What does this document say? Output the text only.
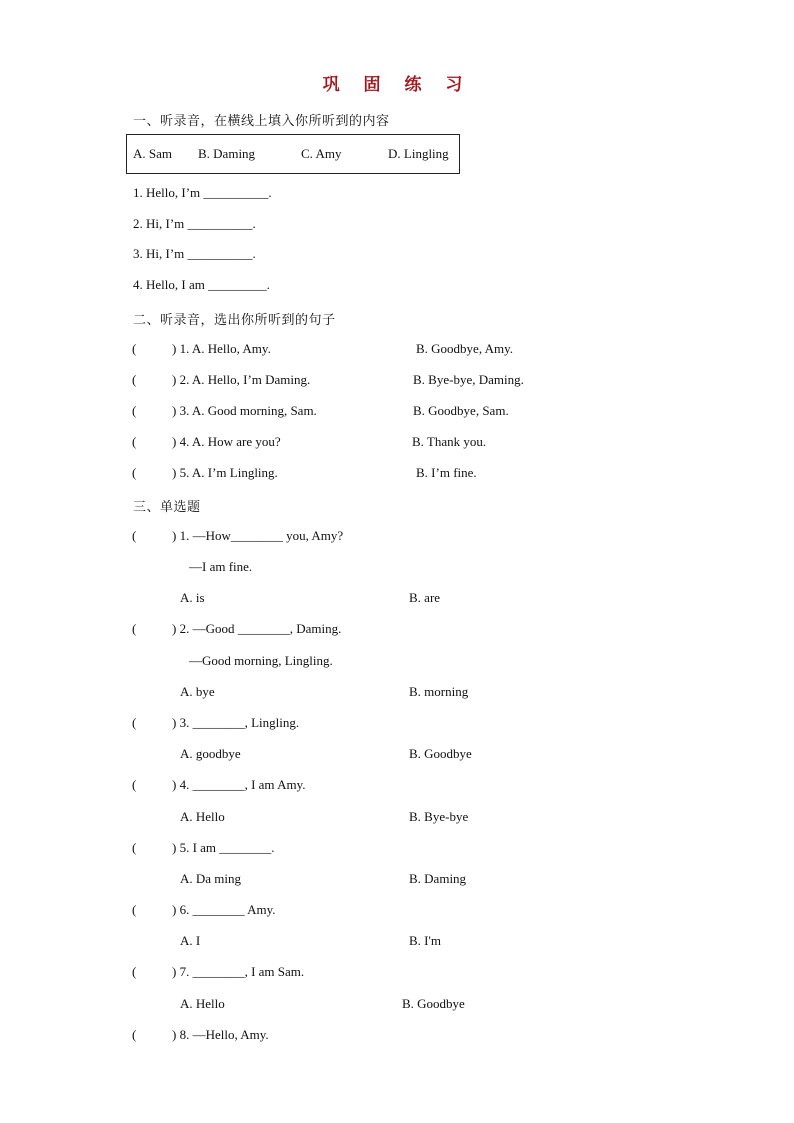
巩 固 练 习
一、听录音，在横线上填入你所听到的内容
A. Sam B. Daming	C. Amy	D. Lingling
1. Hello, I’m __________.
2. Hi, I’m __________.
3. Hi, I’m __________.
4. Hello, I am _________.
二、听录音，选出你所听到的句子
(	) 1. A. Hello, Amy.	B. Goodbye, Amy.
(	) 2. A. Hello, I’m Daming.	B. Bye-bye, Daming.
(	) 3. A. Good morning, Sam.	B. Goodbye, Sam.
(	) 4. A. How are you?	B. Thank you.
(	) 5. A. I’m Lingling.	B. I’m fine.
三、单选题
(	) 1. —How________ you, Amy?
—I am fine.
A. is	B. are
(	) 2. —Good ________, Daming.
—Good morning, Lingling.
A. bye	B. morning
(	) 3. ________, Lingling.
A. goodbye	B. Goodbye
(	) 4. ________, I am Amy.
A. Hello	B. Bye-bye
(	) 5. I am ________.
A. Da ming	B. Daming
(	) 6. ________ Amy.
A. I	B. I'm
(	) 7. ________, I am Sam.
A. Hello	B. Goodbye
(	) 8. —Hello, Amy.
